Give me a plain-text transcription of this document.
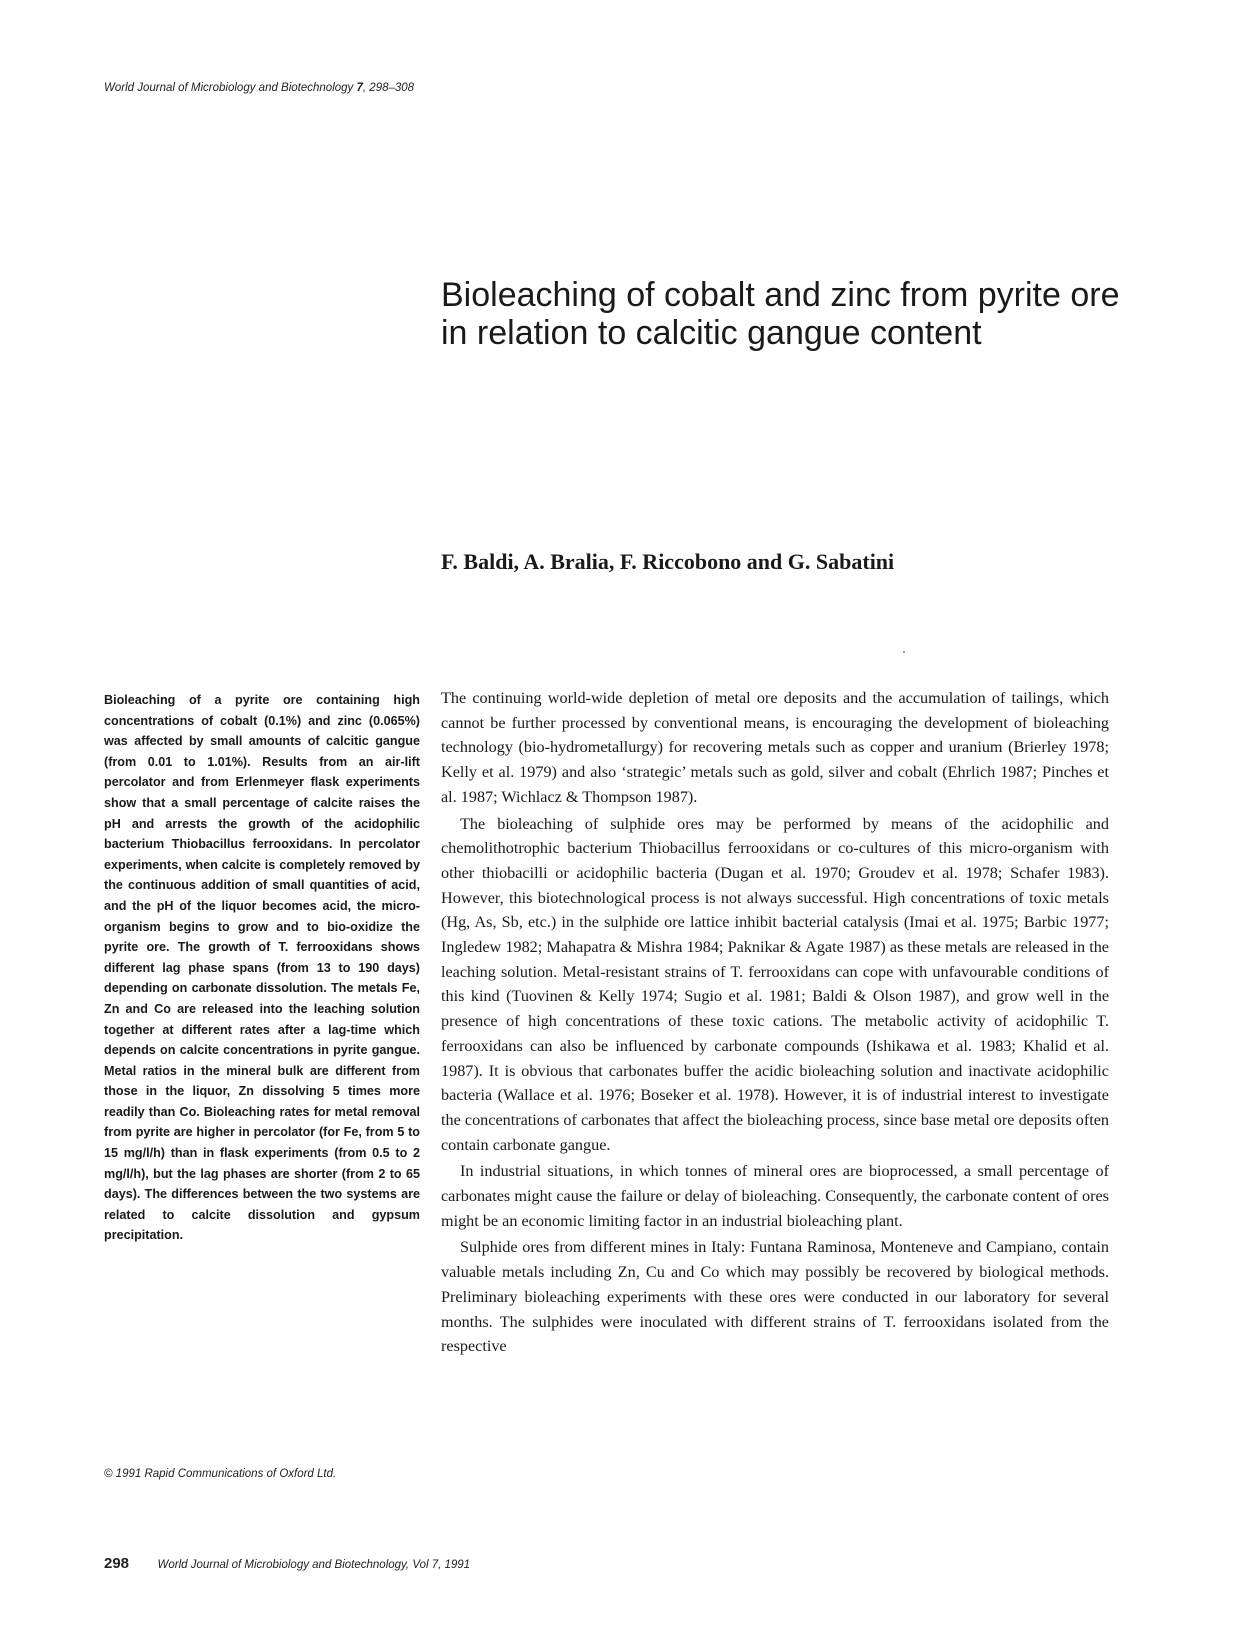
World Journal of Microbiology and Biotechnology 7, 298–308
Bioleaching of cobalt and zinc from pyrite ore in relation to calcitic gangue content
F. Baldi, A. Bralia, F. Riccobono and G. Sabatini

Bioleaching of a pyrite ore containing high concentrations of cobalt (0.1%) and zinc (0.065%) was affected by small amounts of calcitic gangue (from 0.01 to 1.01%). Results from an air-lift percolator and from Erlenmeyer flask experiments show that a small percentage of calcite raises the pH and arrests the growth of the acidophilic bacterium Thiobacillus ferrooxidans. In percolator experiments, when calcite is completely removed by the continuous addition of small quantities of acid, and the pH of the liquor becomes acid, the micro-organism begins to grow and to bio-oxidize the pyrite ore. The growth of T. ferrooxidans shows different lag phase spans (from 13 to 190 days) depending on carbonate dissolution. The metals Fe, Zn and Co are released into the leaching solution together at different rates after a lag-time which depends on calcite concentrations in pyrite gangue. Metal ratios in the mineral bulk are different from those in the liquor, Zn dissolving 5 times more readily than Co. Bioleaching rates for metal removal from pyrite are higher in percolator (for Fe, from 5 to 15 mg/l/h) than in flask experiments (from 0.5 to 2 mg/l/h), but the lag phases are shorter (from 2 to 65 days). The differences between the two systems are related to calcite dissolution and gypsum precipitation.

© 1991 Rapid Communications of Oxford Ltd.

The continuing world-wide depletion of metal ore deposits and the accumulation of tailings, which cannot be further processed by conventional means, is encouraging the development of bioleaching technology (bio-hydrometallurgy) for recovering metals such as copper and uranium (Brierley 1978; Kelly et al. 1979) and also ‘strategic’ metals such as gold, silver and cobalt (Ehrlich 1987; Pinches et al. 1987; Wichlacz & Thompson 1987).

The bioleaching of sulphide ores may be performed by means of the acidophilic and chemolithotrophic bacterium Thiobacillus ferrooxidans or co-cultures of this micro-organism with other thiobacilli or acidophilic bacteria (Dugan et al. 1970; Groudev et al. 1978; Schafer 1983). However, this biotechnological process is not always successful. High concentrations of toxic metals (Hg, As, Sb, etc.) in the sulphide ore lattice inhibit bacterial catalysis (Imai et al. 1975; Barbic 1977; Ingledew 1982; Mahapatra & Mishra 1984; Paknikar & Agate 1987) as these metals are released in the leaching solution. Metal-resistant strains of T. ferrooxidans can cope with unfavourable conditions of this kind (Tuovinen & Kelly 1974; Sugio et al. 1981; Baldi & Olson 1987), and grow well in the presence of high concentrations of these toxic cations. The metabolic activity of acidophilic T. ferrooxidans can also be influenced by carbonate compounds (Ishikawa et al. 1983; Khalid et al. 1987). It is obvious that carbonates buffer the acidic bioleaching solution and inactivate acidophilic bacteria (Wallace et al. 1976; Boseker et al. 1978). However, it is of industrial interest to investigate the concentrations of carbonates that affect the bioleaching process, since base metal ore deposits often contain carbonate gangue.

In industrial situations, in which tonnes of mineral ores are bioprocessed, a small percentage of carbonates might cause the failure or delay of bioleaching. Consequently, the carbonate content of ores might be an economic limiting factor in an industrial bioleaching plant.

Sulphide ores from different mines in Italy: Funtana Raminosa, Monteneve and Campiano, contain valuable metals including Zn, Cu and Co which may possibly be recovered by biological methods. Preliminary bioleaching experiments with these ores were conducted in our laboratory for several months. The sulphides were inoculated with different strains of T. ferrooxidans isolated from the respective

298 World Journal of Microbiology and Biotechnology, Vol 7, 1991
